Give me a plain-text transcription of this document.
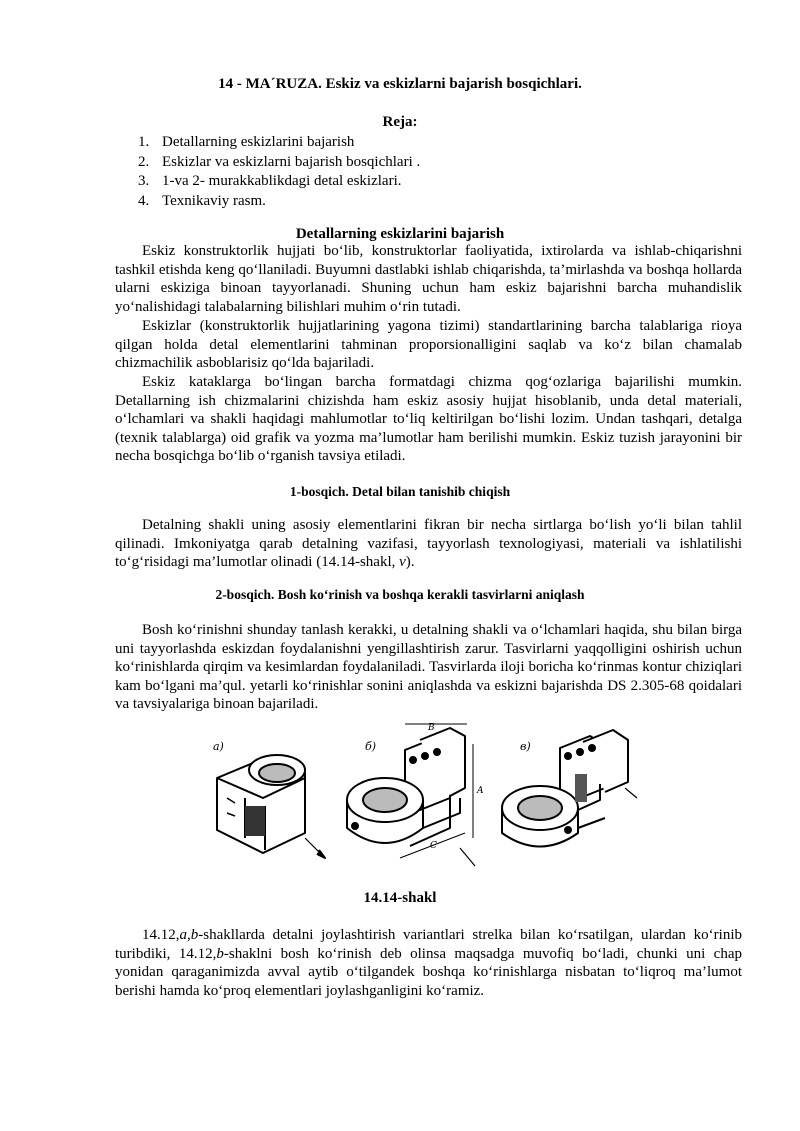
14 - MA´RUZA. Eskiz va eskizlarni bajarish bosqichlari.
Reja:
1. Detallarning eskizlarini bajarish
2. Eskizlar va eskizlarni bajarish bosqichlari .
3. 1-va 2- murakkablikdagi detal eskizlari.
4. Texnikaviy rasm.
Detallarning eskizlarini bajarish

Eskiz konstruktorlik hujjati bo‘lib, konstruktorlar faoliyatida, ixtirolarda va ishlab-chiqarishni tashkil etishda keng qo‘llaniladi. Buyumni dastlabki ishlab chiqarishda, ta’mirlashda va boshqa hollarda ularni eskiziga binoan tayyorlanadi. Shuning uchun ham eskiz bajarishni barcha muhandislik yo‘nalishidagi talabalarning bilishlari muhim o‘rin tutadi.

Eskizlar (konstruktorlik hujjatlarining yagona tizimi) standartlarining barcha talablariga rioya qilgan holda detal elementlarini tahminan proporsionalligini saqlab va ko‘z bilan chamalab chizmachilik asboblarisiz qo‘lda bajariladi.

Eskiz kataklarga bo‘lingan barcha formatdagi chizma qog‘ozlariga bajarilishi mumkin. Detallarning ish chizmalarini chizishda ham eskiz asosiy hujjat hisoblanib, unda detal materiali, o‘lchamlari va shakli haqidagi mahlumotlar to‘liq keltirilgan bo‘lishi lozim. Undan tashqari, detalga (texnik talablarga) oid grafik va yozma ma’lumotlar ham berilishi mumkin. Eskiz tuzish jarayonini bir necha bosqichga bo‘lib o‘rganish tavsiya etiladi.

1-bosqich. Detal bilan tanishib chiqish

Detalning shakli uning asosiy elementlarini fikran bir necha sirtlarga bo‘lish yo‘li bilan tahlil qilinadi. Imkoniyatga qarab detalning vazifasi, tayyorlash texnologiyasi, materiali va ishlatilishi to‘g‘risidagi ma’lumotlar olinadi (14.14-shakl, v).

2-bosqich. Bosh ko‘rinish va boshqa kerakli tasvirlarni aniqlash

Bosh ko‘rinishni shunday tanlash kerakki, u detalning shakli va o‘lchamlari haqida, shu bilan birga uni tayyorlashda eskizdan foydalanishni yengillashtirish zarur. Tasvirlarni yaqqolligini oshirish uchun ko‘rinishlarda qirqim va kesimlardan foydalaniladi. Tasvirlarda iloji boricha ko‘rinmas kontur chiziqlari kam bo‘lgani ma’qul. yetarli ko‘rinishlar sonini aniqlashda va eskizni bajarishda DS 2.305-68 qoidalari va tavsiyalariga binoan bajariladi.

a)	б)	в)
B
A
C
14.14-shakl

14.12,a,b-shakllarda detalni joylashtirish variantlari strelka bilan ko‘rsatilgan, ulardan ko‘rinib turibdiki, 14.12,b-shaklni bosh ko‘rinish deb olinsa maqsadga muvofiq bo‘ladi, chunki uni chap yonidan qaraganimizda avval aytib o‘tilgandek boshqa ko‘rinishlarga nisbatan to‘liqroq ma’lumot berishi hamda ko‘proq elementlari joylashganligini ko‘ramiz.
